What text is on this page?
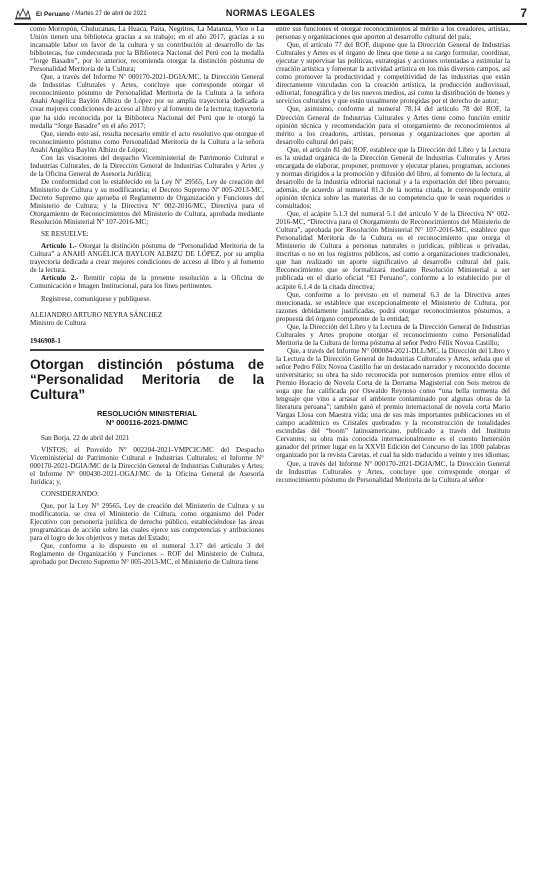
El Peruano / Martes 27 de abril de 2021	NORMAS LEGALES	7

como Morropón, Chulucanas, La Huaca, Paita, Negritos, La Matanza, Vice o La Unión tienen una biblioteca gracias a su trabajo; en el año 2017, gracias a su incansable labor en favor de la cultura y su contribución al desarrollo de las bibliotecas, fue condecorada por la Biblioteca Nacional del Perú con la medalla “Jorge Basadre”, por lo anterior, recomienda otorgar la distinción póstuma de Personalidad Meritoria de la Cultura;

Que, a través del Informe Nº 000170-2021-DGIA/MC, la Dirección General de Industrias Culturales y Artes, concluye que corresponde otorgar el reconocimiento póstumo de Personalidad Meritoria de la Cultura a la señora Anahí Angélica Baylón Albizu de López por su amplia trayectoria dedicada a crear mejores condiciones de acceso al libro y al fomento de la lectura; trayectoria que ha sido reconocida por la Biblioteca Nacional del Perú que le otorgó la medalla “Jorge Basadre” en el año 2017;

Que, siendo esto así, resulta necesario emitir el acto resolutivo que otorgue el reconocimiento póstumo como Personalidad Meritoria de la Cultura a la señora Anahí Angélica Baylón Albizu de López;

Con las visaciones del despacho Viceministerial de Patrimonio Cultural e Industrias Culturales, de la Dirección General de Industrias Culturales y Artes ,y de la Oficina General de Asesoría Jurídica;

De conformidad con lo establecido en la Ley Nº 29565, Ley de creación del Ministerio de Cultura y su modificatoria; el Decreto Supremo Nº 005-2013-MC, Decreto Supremo que aprueba el Reglamento de Organización y Funciones del Ministerio de Cultura; y la Directiva Nº 002-2016/MC, Directiva para el Otorgamiento de Reconocimientos del Ministerio de Cultura, aprobada mediante Resolución Ministerial Nº 107-2016-MC;

SE RESUELVE:

Artículo 1.- Otorgar la distinción póstuma de “Personalidad Meritoria de la Cultura” a ANAHÍ ANGÉLICA BAYLON ALBIZU DE LÓPEZ, por su amplia trayectoria dedicada a crear mejores condiciones de acceso al libro y al fomento de la lectura.

Artículo 2.- Remitir copia de la presente resolución a la Oficina de Comunicación e Imagen Institucional, para los fines pertinentes.

Regístrese, comuníquese y publíquese.

ALEJANDRO ARTURO NEYRA SÁNCHEZ

Ministro de Cultura

1946908-1

Otorgan distinción póstuma de
“Personalidad Meritoria de la Cultura”
RESOLUCIÓN MINISTERIAL
Nº 000116-2021-DM/MC

San Borja, 22 de abril del 2021

VISTOS; el Proveído N° 002204-2021-VMPCIC/MC del Despacho Viceministerial de Patrimonio Cultural e Industrias Culturales; el Informe N° 000170-2021-DGIA/MC de la Dirección General de Industrias Culturales y Artes; el Informe N° 000430-2021-OGAJ/MC de la Oficina General de Asesoría Jurídica; y,

CONSIDERANDO:

Que, por la Ley N° 29565, Ley de creación del Ministerio de Cultura y su modificatoria, se crea el Ministerio de Cultura, como organismo del Poder Ejecutivo con personería jurídica de derecho público, estableciéndose las áreas programáticas de acción sobre las cuales ejerce sus competencias y atribuciones para el logro de los objetivos y metas del Estado;

Que, conforme a lo dispuesto en el numeral 3.17 del artículo 3 del Reglamento de Organización y Funciones – ROF del Ministerio de Cultura, aprobado por Decreto Supremo N° 005-2013-MC, el Ministerio de Cultura tiene

entre sus funciones el otorgar reconocimientos al mérito a los creadores, artistas, personas y organizaciones que aporten al desarrollo cultural del país;

Que, el artículo 77 del ROF, dispone que la Dirección General de Industrias Culturales y Artes es el órgano de línea que tiene a su cargo formular, coordinar, ejecutar y supervisar las políticas, estrategias y acciones orientadas a estimular la creación artística y fomentar la actividad artística en los más diversos campos, así como promover la productividad y competitividad de las industrias que están directamente vinculadas con la creación artística, la producción audiovisual, editorial, fonográfica y de los nuevos medios, así como la distribución de bienes y servicios culturales y que están usualmente protegidas por el derecho de autor;

Que, asimismo, conforme al numeral 78.14 del artículo 78 del ROF, la Dirección General de Industrias Culturales y Artes tiene como función emitir opinión técnica y recomendación para el otorgamiento de reconocimientos al mérito a los creadores, artistas, personas y organizaciones que aporten al desarrollo cultural del país;

Que, el artículo 81 del ROF, establece que la Dirección del Libro y la Lectura es la unidad orgánica de la Dirección General de Industrias Culturales y Artes encargada de elaborar, proponer, promover y ejecutar planes, programas, acciones y normas dirigidos a la promoción y difusión del libro, al fomento de la lectura, al desarrollo de la industria editorial nacional y a la exportación del libro peruano; además, de acuerdo al numeral 81.3 de la norma citada, le corresponde emitir opinión técnica sobre las materias de su competencia que le sean requeridos o consultados;

Que, el acápite 5.1.3 del numeral 5.1 del artículo V de la Directiva N° 002-2016-MC, “Directiva para el Otorgamiento de Reconocimientos del Ministerio de Cultura”, aprobada por Resolución Ministerial N° 107-2016-MC, establece que Personalidad Meritoria de la Cultura es el reconocimiento que otorga el Ministerio de Cultura a personas naturales o jurídicas, públicas o privadas, inscritas o no en los registros públicos, así como a organizaciones tradicionales, que han realizado un aporte significativo al desarrollo cultural del país. Reconocimiento que se formalizará mediante Resolución Ministerial a ser publicada en el diario oficial “El Peruano”, conforme a lo establecido por el acápite 6.1.4 de la citada directiva;

Que, conforme a lo previsto en el numeral 6.3 de la Directiva antes mencionada, se establece que excepcionalmente el Ministerio de Cultura, por razones debidamente justificadas, podrá otorgar reconocimientos póstumos, a propuesta del órgano competente de la entidad;

Que, la Dirección del Libro y la Lectura de la Dirección General de Industrias Culturales y Artes propone otorgar el reconocimiento como Personalidad Meritoria de la Cultura de forma póstuma al señor Pedro Félix Novoa Castillo;

Que, a través del Informe N° 000084-2021-DLL/MC, la Dirección del Libro y la Lectura de la Dirección General de Industrias Culturales y Artes, señala que el señor Pedro Félix Novoa Castillo fue un destacado narrador y reconocido docente universitario; su obra ha sido reconocida por numerosos premios entre ellos el Premio Horacio de Novela Corta de la Derrama Magisterial con Seis metros de soga que fue calificada por Oswaldo Reynoso como “una bella tormenta del lenguaje que vino a arrasar el ambiente contaminado por algunas obras de la literatura peruana”; también ganó el premio internacional de novela corta Mario Vargas Llosa con Maestra vida; una de sus más importantes publicaciones en el campo académico es Cristales quebrados y la reconstrucción de tonalidades escindidas del “boom” latinoamericano, publicado a través del Instituto Cervantes; su obra más conocida internacionalmente es el cuento Inmersión ganador del primer lugar en la XXVII Edición del Concurso de las 1000 palabras organizado por la revista Caretas, el cual ha sido traducido a veinte y tres idiomas;

Que, a través del Informe N° 000170-2021-DGIA/MC, la Dirección General de Industrias Culturales y Artes, concluye que corresponde otorgar el reconocimiento póstumo de Personalidad Meritoria de la Cultura al señor
